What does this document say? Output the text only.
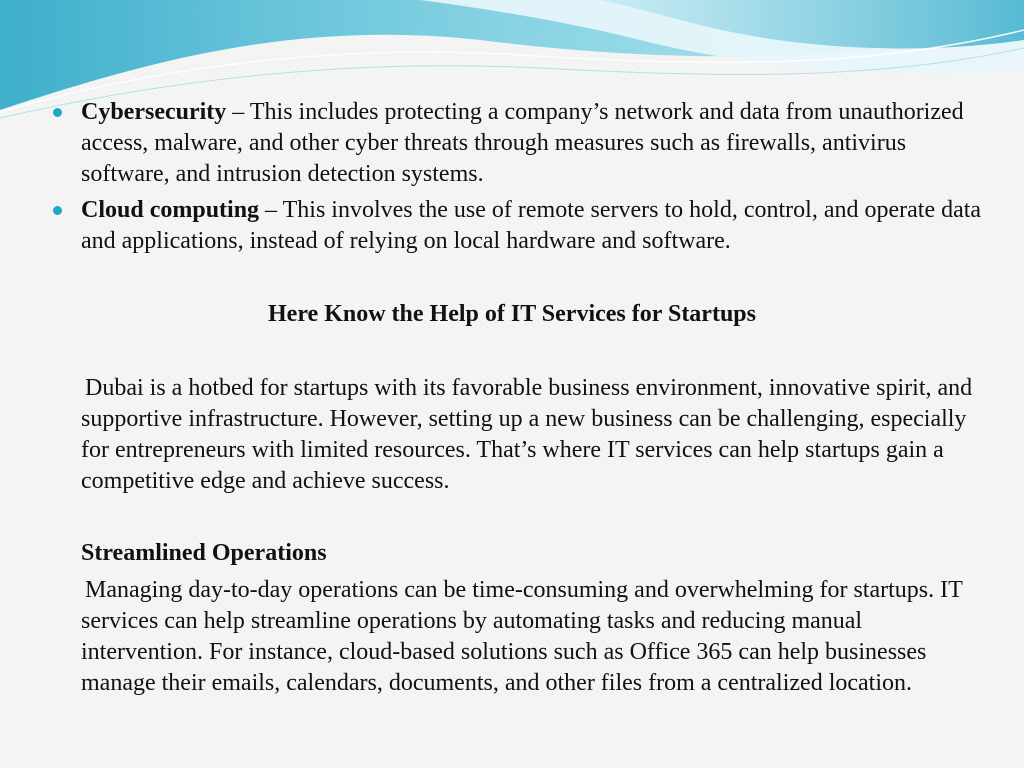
Cybersecurity – This includes protecting a company’s network and data from unauthorized access, malware, and other cyber threats through measures such as firewalls, antivirus software, and intrusion detection systems.

Cloud computing – This involves the use of remote servers to hold, control, and operate data and applications, instead of relying on local hardware and software.

Here Know the Help of IT Services for Startups

Dubai is a hotbed for startups with its favorable business environment, innovative spirit, and supportive infrastructure. However, setting up a new business can be challenging, especially for entrepreneurs with limited resources. That’s where IT services can help startups gain a competitive edge and achieve success.

Streamlined Operations

Managing day-to-day operations can be time-consuming and overwhelming for startups. IT services can help streamline operations by automating tasks and reducing manual intervention. For instance, cloud-based solutions such as Office 365 can help businesses manage their emails, calendars, documents, and other files from a centralized location.
